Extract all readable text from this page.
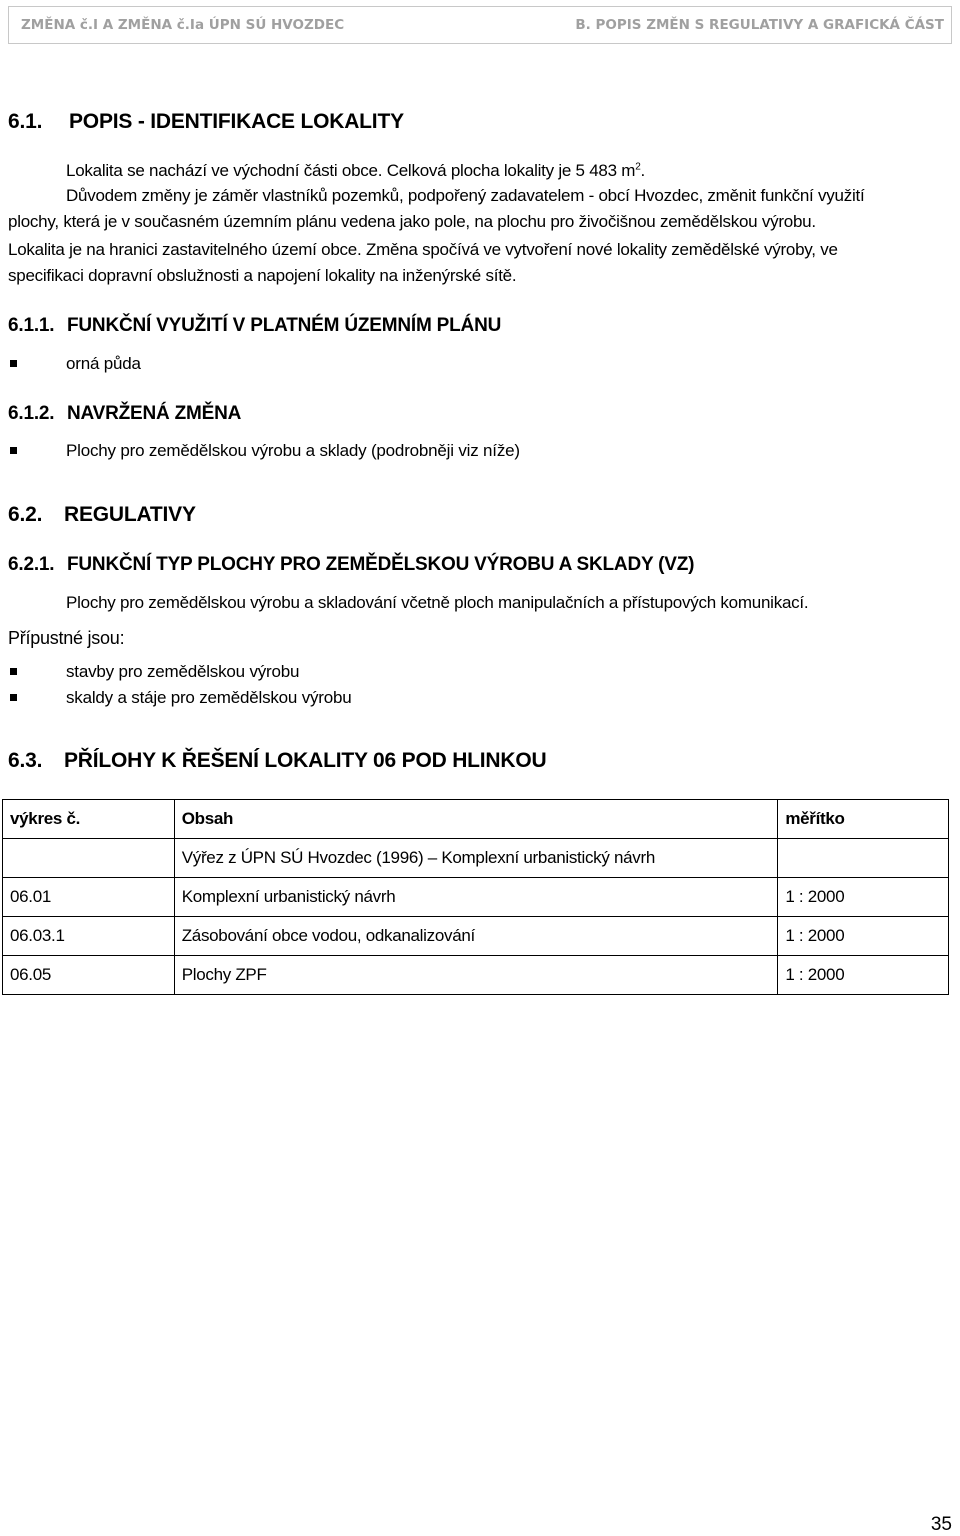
ZMĚNA č.I A ZMĚNA č.Ia ÚPN SÚ HVOZDEC	B. POPIS ZMĚN S REGULATIVY A GRAFICKÁ ČÁST
6.1. POPIS - IDENTIFIKACE LOKALITY
Lokalita se nachází ve východní části obce. Celková plocha lokality je 5 483 $m^2$.
Důvodem změny je záměr vlastníků pozemků, podpořený zadavatelem - obcí Hvozdec, změnit funkční využití
plochy, která je v současném územním plánu vedena jako pole, na plochu pro živočišnou zemědělskou výrobu.
Lokalita je na hranici zastavitelného území obce. Změna spočívá ve vytvoření nové lokality zemědělské výroby, ve
specifikaci dopravní obslužnosti a napojení lokality na inženýrské sítě.
6.1.1. FUNKČNÍ VYUŽITÍ V PLATNÉM ÚZEMNÍM PLÁNU
orná půda
6.1.2. NAVRŽENÁ ZMĚNA
Plochy pro zemědělskou výrobu a sklady (podrobněji viz níže)
6.2. REGULATIVY
6.2.1. FUNKČNÍ TYP PLOCHY PRO ZEMĚDĚLSKOU VÝROBU A SKLADY (VZ)
Plochy pro zemědělskou výrobu a skladování včetně ploch manipulačních a přístupových komunikací.
Přípustné jsou:
stavby pro zemědělskou výrobu
skaldy a stáje pro zemědělskou výrobu
6.3. PŘÍLOHY K ŘEŠENÍ LOKALITY 06 POD HLINKOU
výkres č.	Obsah	měřítko
	Výřez z ÚPN SÚ Hvozdec (1996) – Komplexní urbanistický návrh	
06.01	Komplexní urbanistický návrh	1 : 2000
06.03.1	Zásobování obce vodou, odkanalizování	1 : 2000
06.05	Plochy ZPF	1 : 2000
35
